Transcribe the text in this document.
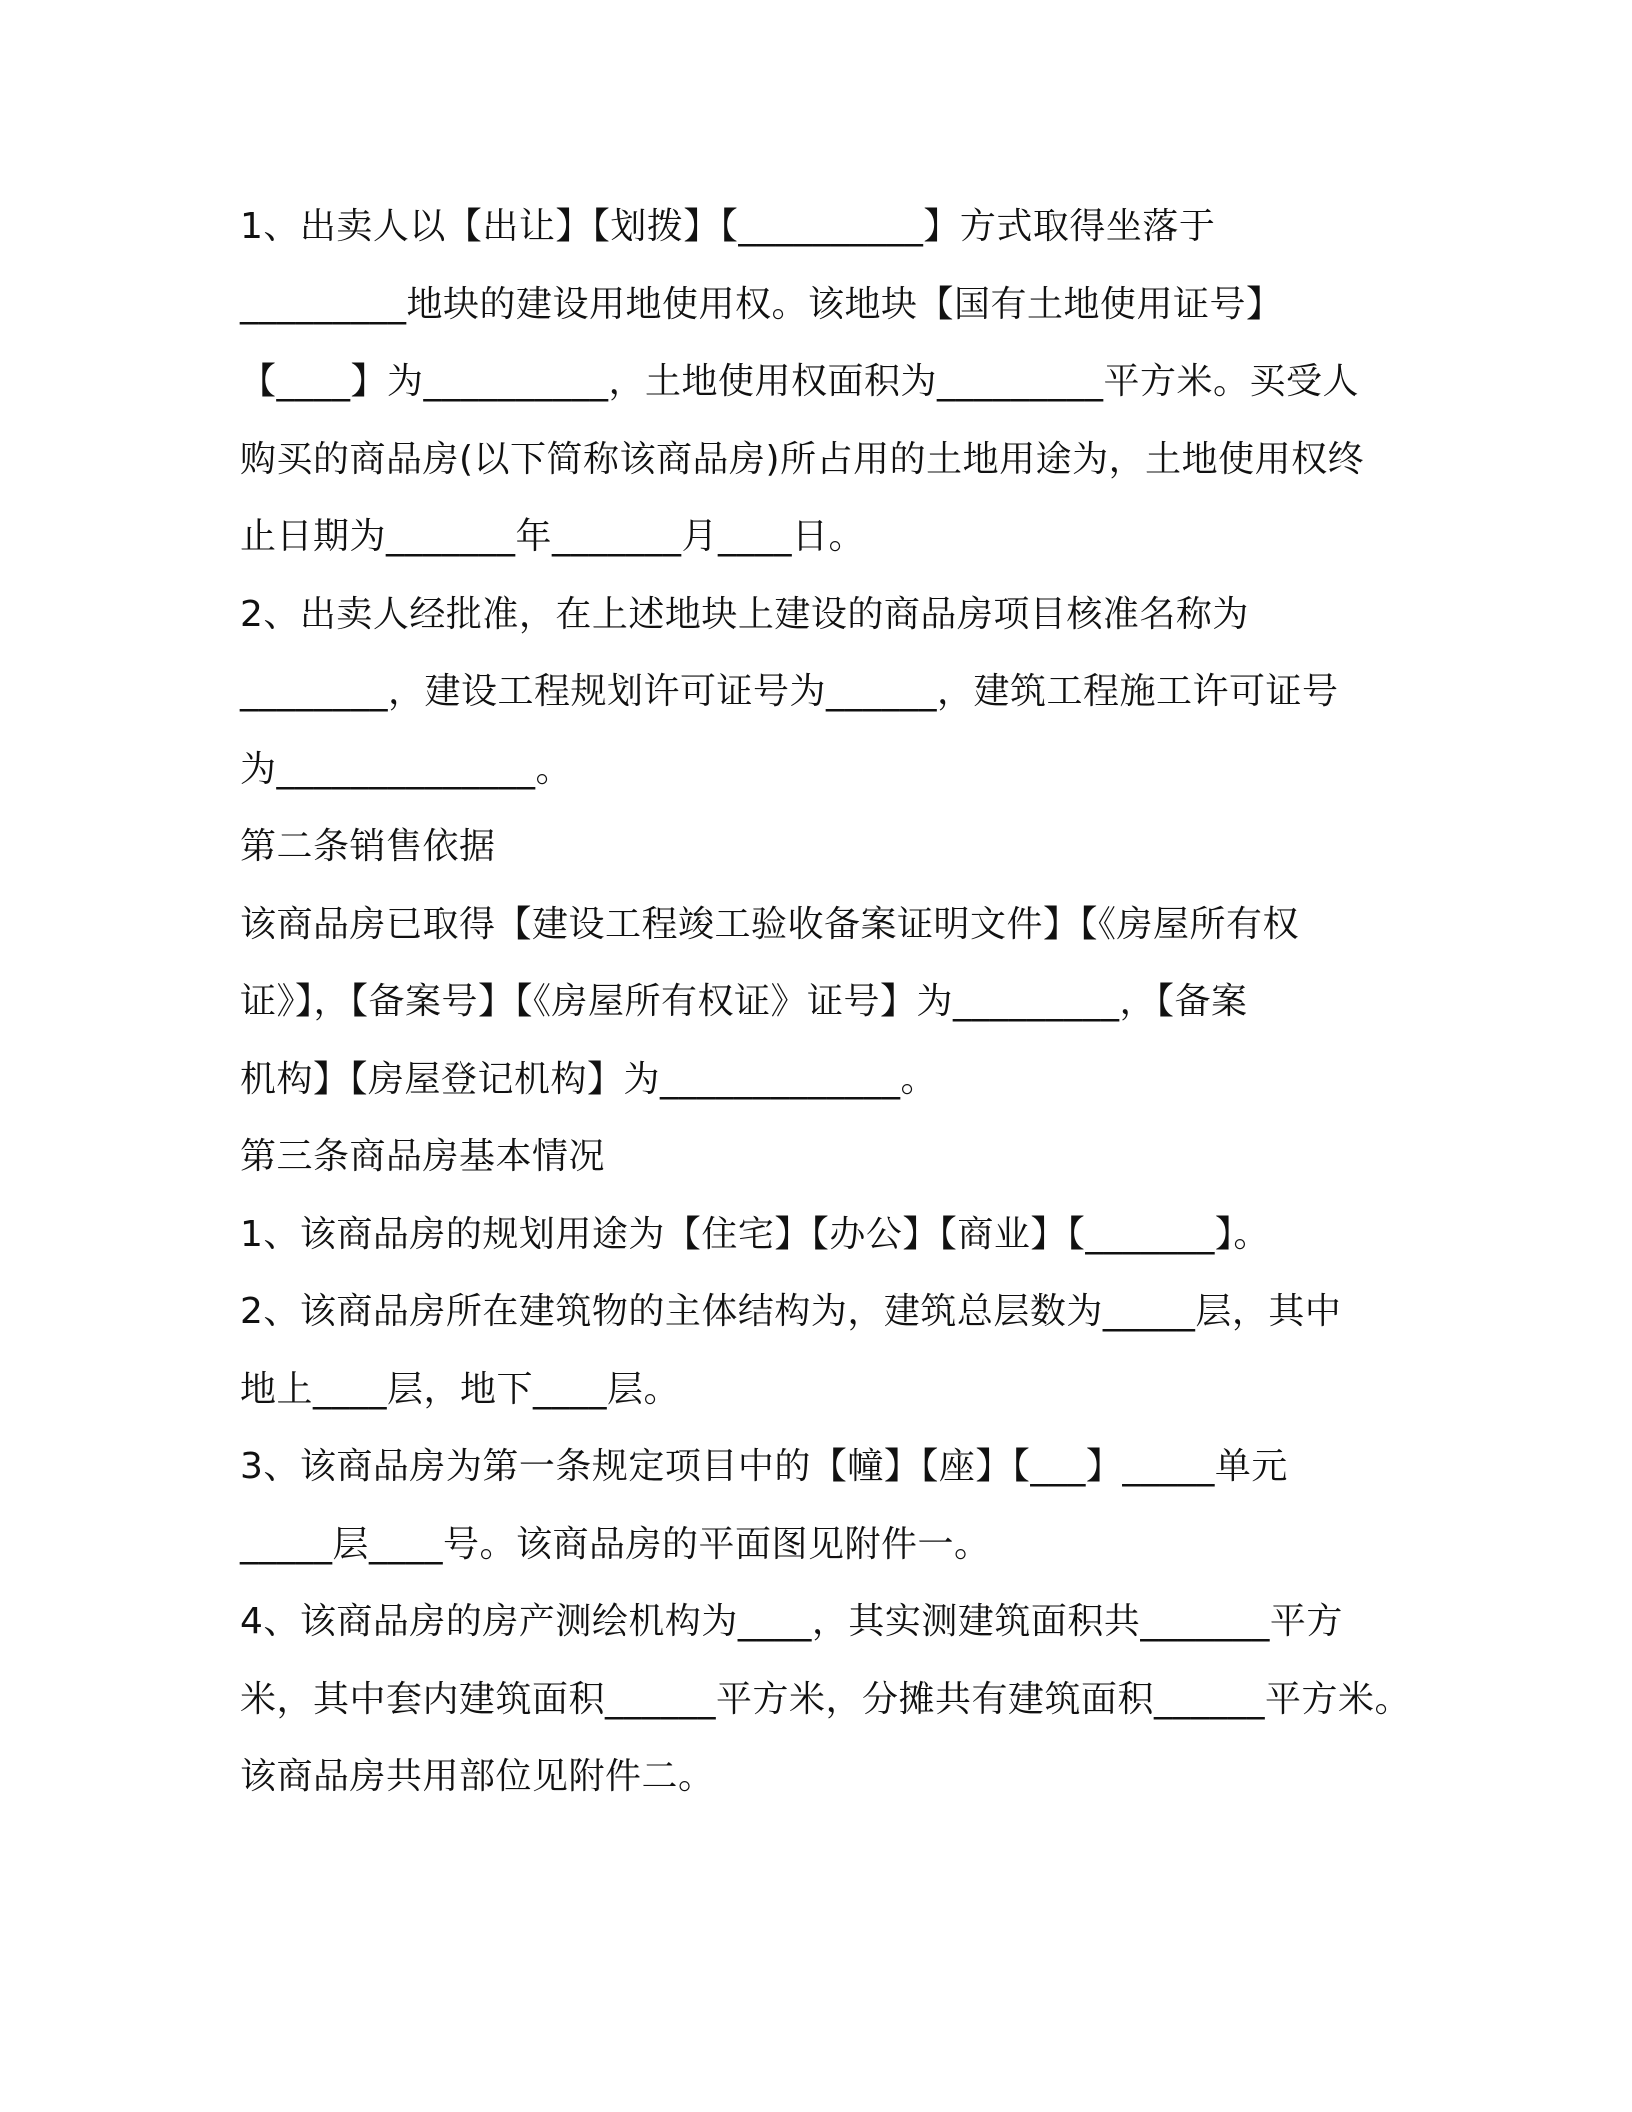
1、出卖人以【出让】【划拨】【__________】方式取得坐落于
_________地块的建设用地使用权。该地块【国有土地使用证号】
【____】为__________，土地使用权面积为_________平方米。买受人
购买的商品房(以下简称该商品房)所占用的土地用途为，土地使用权终
止日期为_______年_______月____日。
2、出卖人经批准，在上述地块上建设的商品房项目核准名称为
________，建设工程规划许可证号为______，建筑工程施工许可证号
为______________。
第二条销售依据
该商品房已取得【建设工程竣工验收备案证明文件】【《房屋所有权
证》】，【备案号】【《房屋所有权证》证号】为_________，【备案
机构】【房屋登记机构】为_____________。
第三条商品房基本情况
1、该商品房的规划用途为【住宅】【办公】【商业】【_______】。
2、该商品房所在建筑物的主体结构为，建筑总层数为_____层，其中
地上____层，地下____层。
3、该商品房为第一条规定项目中的【幢】【座】【___】_____单元
_____层____号。该商品房的平面图见附件一。
4、该商品房的房产测绘机构为____，其实测建筑面积共_______平方
米，其中套内建筑面积______平方米，分摊共有建筑面积______平方米。
该商品房共用部位见附件二。
